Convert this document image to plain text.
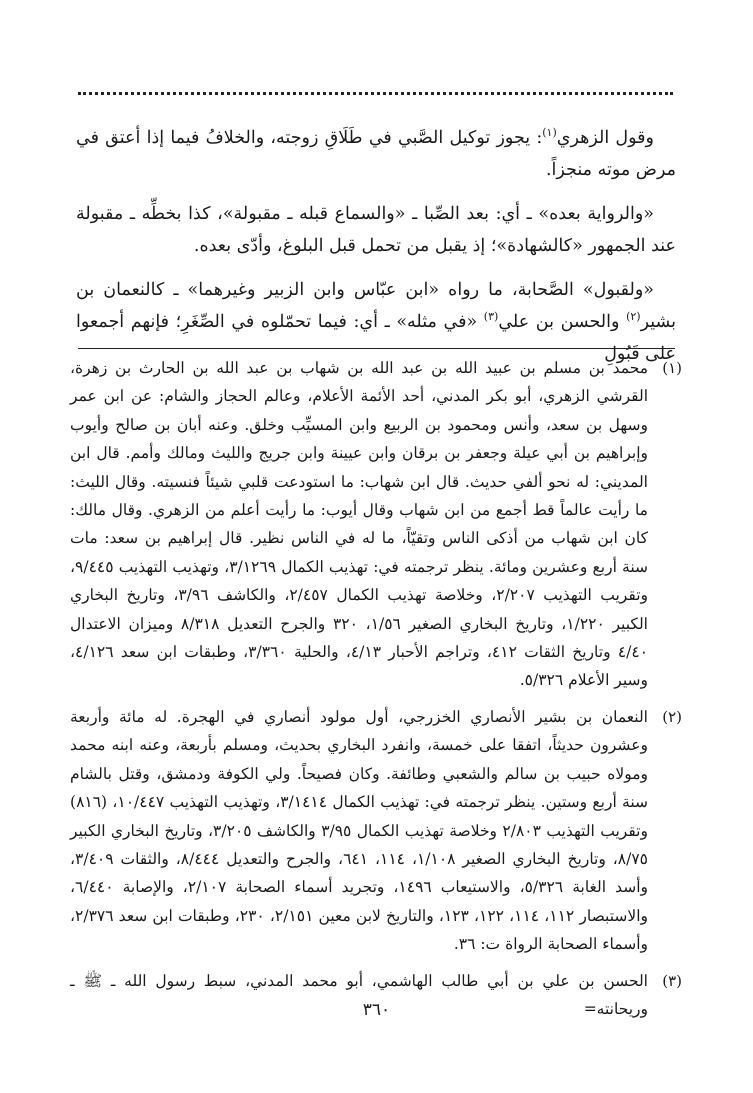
وقول الزهري$^{(١)}$: يجوز توكيل الصَّبي في طَلَاقِ زوجته، والخلافُ فيما إذا أعتق في مرض موته منجزاً.

«والرواية بعده» ـ أي: بعد الصِّبا ـ «والسماع قبله ـ مقبولة»، كذا بخطِّه ـ مقبولة عند الجمهور «كالشهادة»؛ إذ يقبل من تحمل قبل البلوغ، وأدّى بعده.

«ولقبول» الصَّحابة، ما رواه «ابن عبّاس وابن الزبير وغيرهما» ـ كالنعمان بن بشير$^{(٢)}$ والحسن بن علي$^{(٣)}$ «في مثله» ـ أي: فيما تحمّلوه في الصِّغَرِ؛ فإنهم أجمعوا على قَبُولِ

(١)
محمد بن مسلم بن عبيد الله بن عبد الله بن شهاب بن عبد الله بن الحارث بن زهرة، القرشي الزهري، أبو بكر المدني، أحد الأئمة الأعلام، وعالم الحجاز والشام: عن ابن عمر وسهل بن سعد، وأنس ومحمود بن الربيع وابن المسيِّب وخلق. وعنه أبان بن صالح وأيوب وإبراهيم بن أبي عيلة وجعفر بن برقان وابن عيينة وابن جريج والليث ومالك وأمم. قال ابن المديني: له نحو ألفي حديث. قال ابن شهاب: ما استودعت قلبي شيئاً فنسيته. وقال الليث: ما رأيت عالماً قط أجمع من ابن شهاب وقال أيوب: ما رأيت أعلم من الزهري. وقال مالك: كان ابن شهاب من أذكى الناس وتقيّاً، ما له في الناس نظير. قال إبراهيم بن سعد: مات سنة أربع وعشرين ومائة. ينظر ترجمته في: تهذيب الكمال ٣/١٢٦٩، وتهذيب التهذيب ٩/٤٤٥، وتقريب التهذيب ٢/٢٠٧، وخلاصة تهذيب الكمال ٢/٤٥٧، والكاشف ٣/٩٦، وتاريخ البخاري الكبير ١/٢٢٠، وتاريخ البخاري الصغير ١/٥٦، ٣٢٠ والجرح التعديل ٨/٣١٨ وميزان الاعتدال ٤/٤٠ وتاريخ الثقات ٤١٢، وتراجم الأحبار ٤/١٣، والحلية ٣/٣٦٠، وطبقات ابن سعد ٤/١٢٦، وسير الأعلام ٥/٣٢٦.
(٢)
النعمان بن بشير الأنصاري الخزرجي، أول مولود أنصاري في الهجرة. له مائة وأربعة وعشرون حديثاً، اتفقا على خمسة، وانفرد البخاري بحديث، ومسلم بأربعة، وعنه ابنه محمد ومولاه حبيب بن سالم والشعبي وطائفة. وكان فصيحاً. ولي الكوفة ودمشق، وقتل بالشام سنة أربع وستين. ينظر ترجمته في: تهذيب الكمال ٣/١٤١٤، وتهذيب التهذيب ١٠/٤٤٧، (٨١٦) وتقريب التهذيب ٢/٨٠٣ وخلاصة تهذيب الكمال ٣/٩٥ والكاشف ٣/٢٠٥، وتاريخ البخاري الكبير ٨/٧٥، وتاريخ البخاري الصغير ١/١٠٨، ١١٤، ٦٤١، والجرح والتعديل ٨/٤٤٤، والثقات ٣/٤٠٩، وأسد الغابة ٥/٣٢٦، والاستيعاب ١٤٩٦، وتجريد أسماء الصحابة ٢/١٠٧، والإصابة ٦/٤٤٠، والاستبصار ١١٢، ١١٤، ١٢٢، ١٢٣، والتاريخ لابن معين ٢/١٥١، ٢٣٠، وطبقات ابن سعد ٢/٣٧٦، وأسماء الصحابة الرواة ت: ٣٦.
(٣)
الحسن بن علي بن أبي طالب الهاشمي، أبو محمد المدني، سبط رسول الله ـ ﷺ ـ وريحانته=
٣٦٠
